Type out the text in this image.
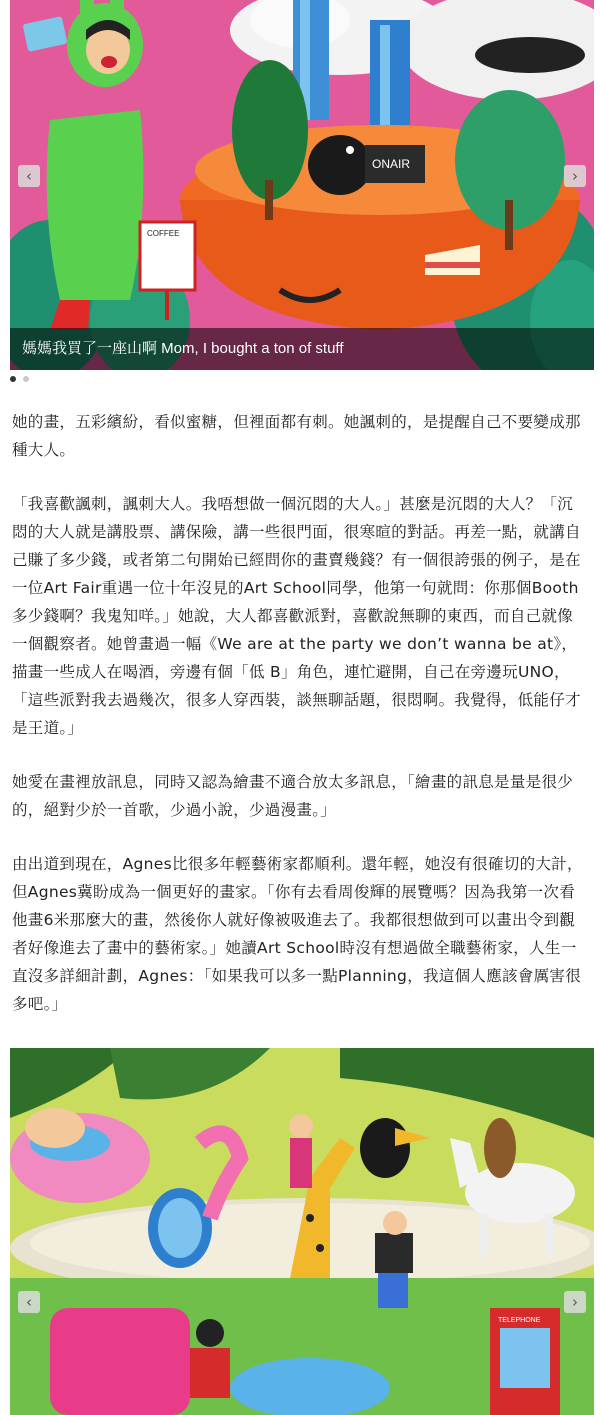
ONAIR
COFFEE
‹	›
媽媽我買了一座山啊 Mom, I bought a ton of stuff

她的畫，五彩繽紛，看似蜜糖，但裡面都有刺。她諷刺的，是提醒自己不要變成那種大人。

「我喜歡諷刺，諷刺大人。我唔想做一個沉悶的大人。」甚麼是沉悶的大人？「沉悶的大人就是講股票、講保險，講一些很門面，很寒暄的對話。再差一點，就講自己賺了多少錢，或者第二句開始已經問你的畫賣幾錢？有一個很誇張的例子，是在一位Art Fair重遇一位十年沒見的Art School同學，他第一句就問：你那個Booth多少錢啊？我鬼知咩。」她說，大人都喜歡派對，喜歡說無聊的東西，而自己就像一個觀察者。她曾畫過一幅《We are at the party we don’t wanna be at》，描畫一些成人在喝酒，旁邊有個「低 B」角色，連忙避開，自己在旁邊玩UNO，「這些派對我去過幾次，很多人穿西裝，談無聊話題，很悶啊。我覺得，低能仔才是王道。」

她愛在畫裡放訊息，同時又認為繪畫不適合放太多訊息，「繪畫的訊息是量是很少的，絕對少於一首歌，少過小說，少過漫畫。」

由出道到現在，Agnes比很多年輕藝術家都順利。還年輕，她沒有很確切的大計，但Agnes冀盼成為一個更好的畫家。「你有去看周俊輝的展覽嗎？因為我第一次看他畫6米那麼大的畫，然後你人就好像被吸進去了。我都很想做到可以畫出令到觀者好像進去了畫中的藝術家。」她讀Art School時沒有想過做全職藝術家，人生一直沒多詳細計劃，Agnes：「如果我可以多一點Planning，我這個人應該會厲害很多吧。」

TELEPHONE
‹	›
